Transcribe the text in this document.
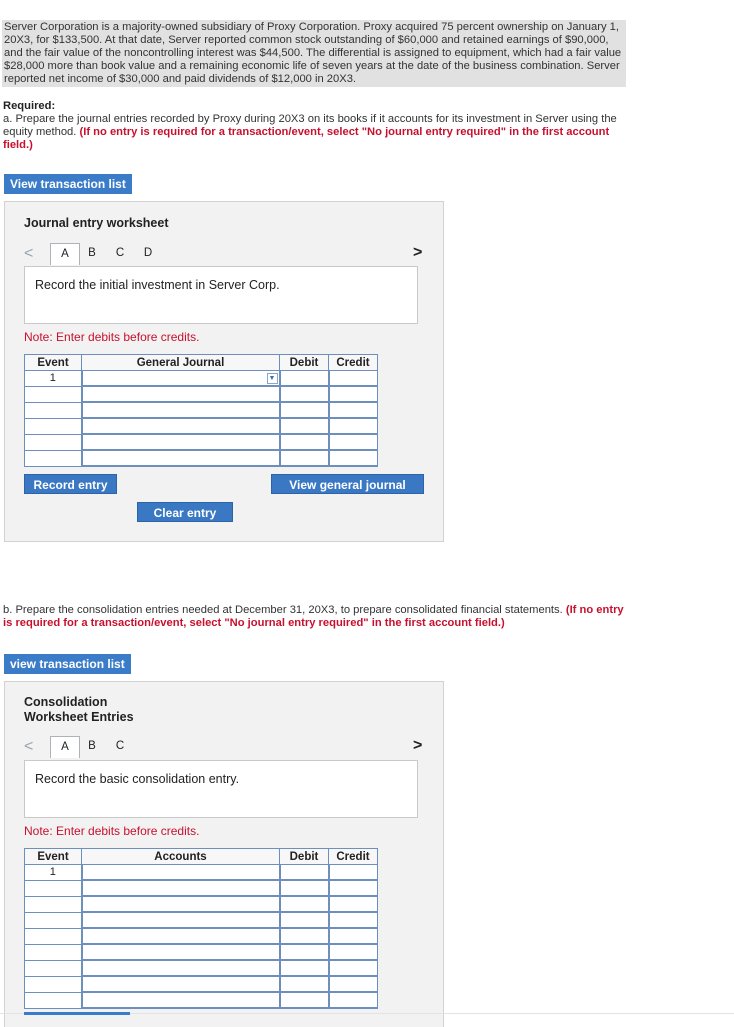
Server Corporation is a majority-owned subsidiary of Proxy Corporation. Proxy acquired 75 percent ownership on January 1, 20X3, for $133,500. At that date, Server reported common stock outstanding of $60,000 and retained earnings of $90,000, and the fair value of the noncontrolling interest was $44,500. The differential is assigned to equipment, which had a fair value $28,000 more than book value and a remaining economic life of seven years at the date of the business combination. Server reported net income of $30,000 and paid dividends of $12,000 in 20X3.
Required:
a. Prepare the journal entries recorded by Proxy during 20X3 on its books if it accounts for its investment in Server using the equity method. (If no entry is required for a transaction/event, select "No journal entry required" in the first account field.)
View transaction list
Journal entry worksheet
<	A	B	C	D	>
Record the initial investment in Server Corp.
Note: Enter debits before credits.
Event	General Journal	Debit	Credit
1	▼		

Record entry
Clear entry
View general journal
b. Prepare the consolidation entries needed at December 31, 20X3, to prepare consolidated financial statements. (If no entry is required for a transaction/event, select "No journal entry required" in the first account field.)
view transaction list
Consolidation
Worksheet Entries
<	A	B	C	>
Record the basic consolidation entry.
Note: Enter debits before credits.
Event	Accounts	Debit	Credit
1			
